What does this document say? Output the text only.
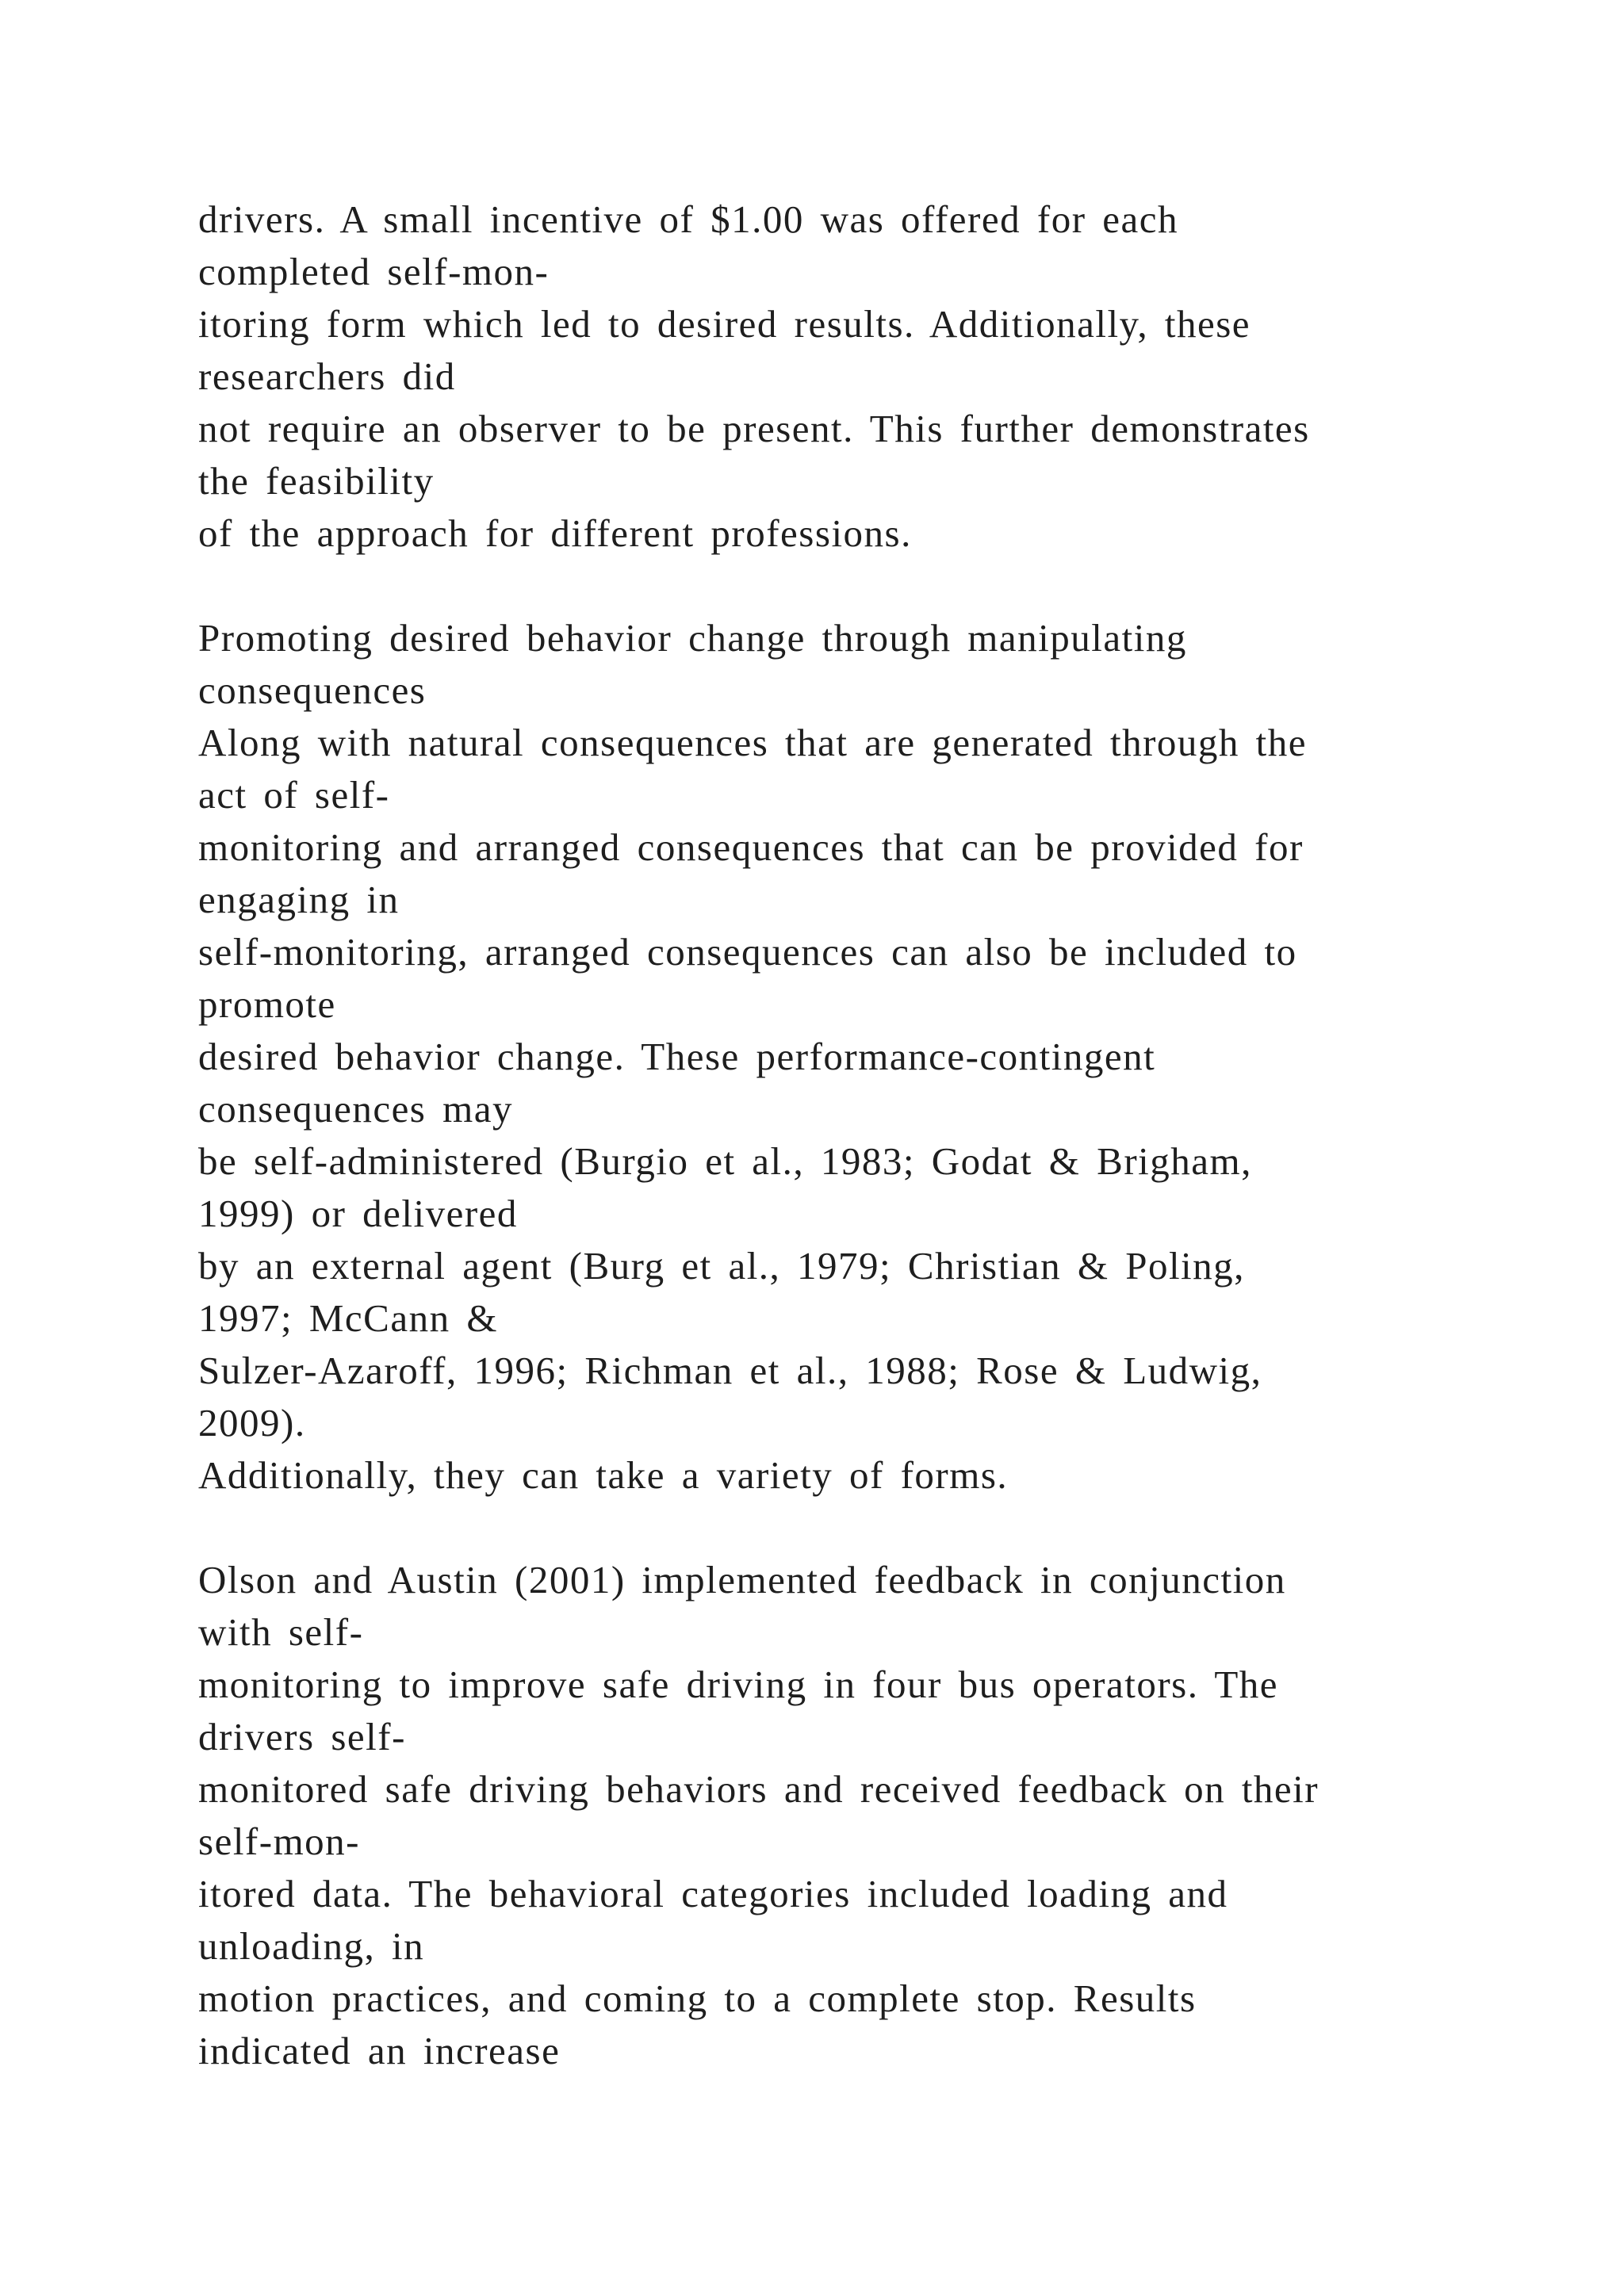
drivers. A small incentive of $1.00 was offered for each
completed self-mon-
itoring form which led to desired results. Additionally, these
researchers did
not require an observer to be present. This further demonstrates
the feasibility
of the approach for different professions.
Promoting desired behavior change through manipulating
consequences
Along with natural consequences that are generated through the
act of self-
monitoring and arranged consequences that can be provided for
engaging in
self-monitoring, arranged consequences can also be included to
promote
desired behavior change. These performance-contingent
consequences may
be self-administered (Burgio et al., 1983; Godat & Brigham,
1999) or delivered
by an external agent (Burg et al., 1979; Christian & Poling,
1997; McCann &
Sulzer-Azaroff, 1996; Richman et al., 1988; Rose & Ludwig,
2009).
Additionally, they can take a variety of forms.
Olson and Austin (2001) implemented feedback in conjunction
with self-
monitoring to improve safe driving in four bus operators. The
drivers self-
monitored safe driving behaviors and received feedback on their
self-mon-
itored data. The behavioral categories included loading and
unloading, in
motion practices, and coming to a complete stop. Results
indicated an increase
